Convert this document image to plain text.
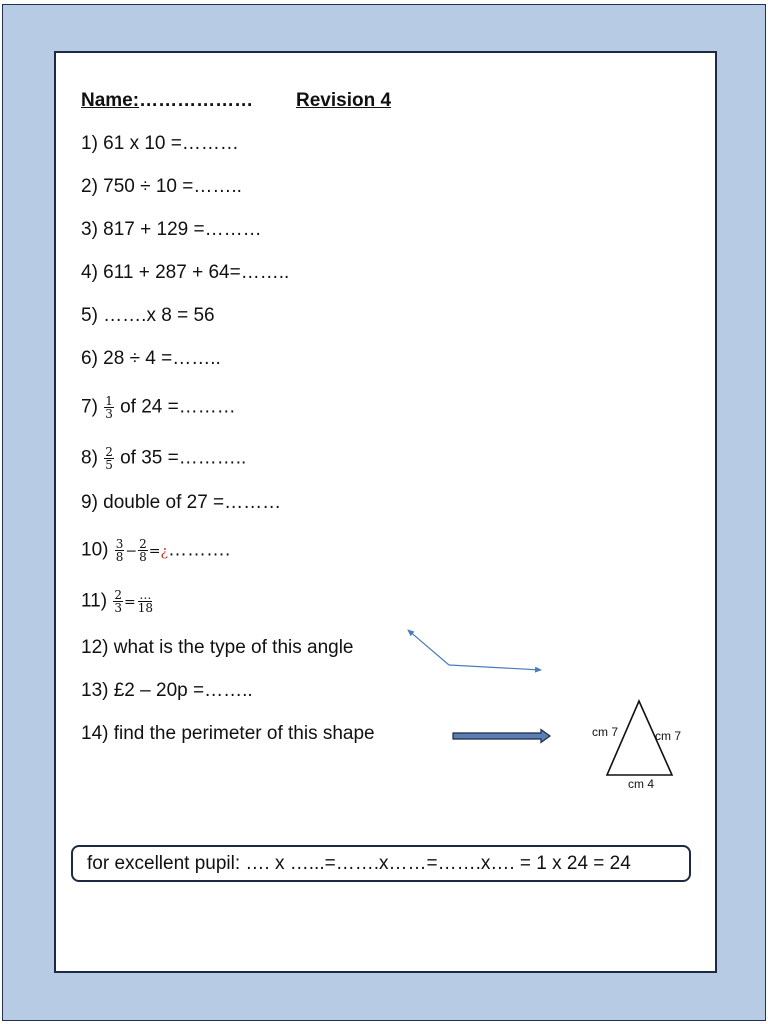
Name:……………… Revision 4
1) 61 x 10 =………
2) 750 ÷ 10 =……..
3) 817 + 129 =………
4) 611 + 287 + 64=……..
5) …….x 8 = 56
6) 28 ÷ 4 =……..
$7) \frac{1}{3}$ of 24 =………
$8) \frac{2}{5}$ of 35 =………..
9) double of 27 =………
$10) \frac{3}{8} - \frac{2}{8}$ =¿……….
$11) \frac{2}{3} = \frac{\dots}{18}$
12) what is the type of this angle
13) £2 – 20p =……..
14) find the perimeter of this shape	cm 7	cm 7
cm 4
for excellent pupil: …. x …...=…….x……=…….x…. = 1 x 24 = 24
